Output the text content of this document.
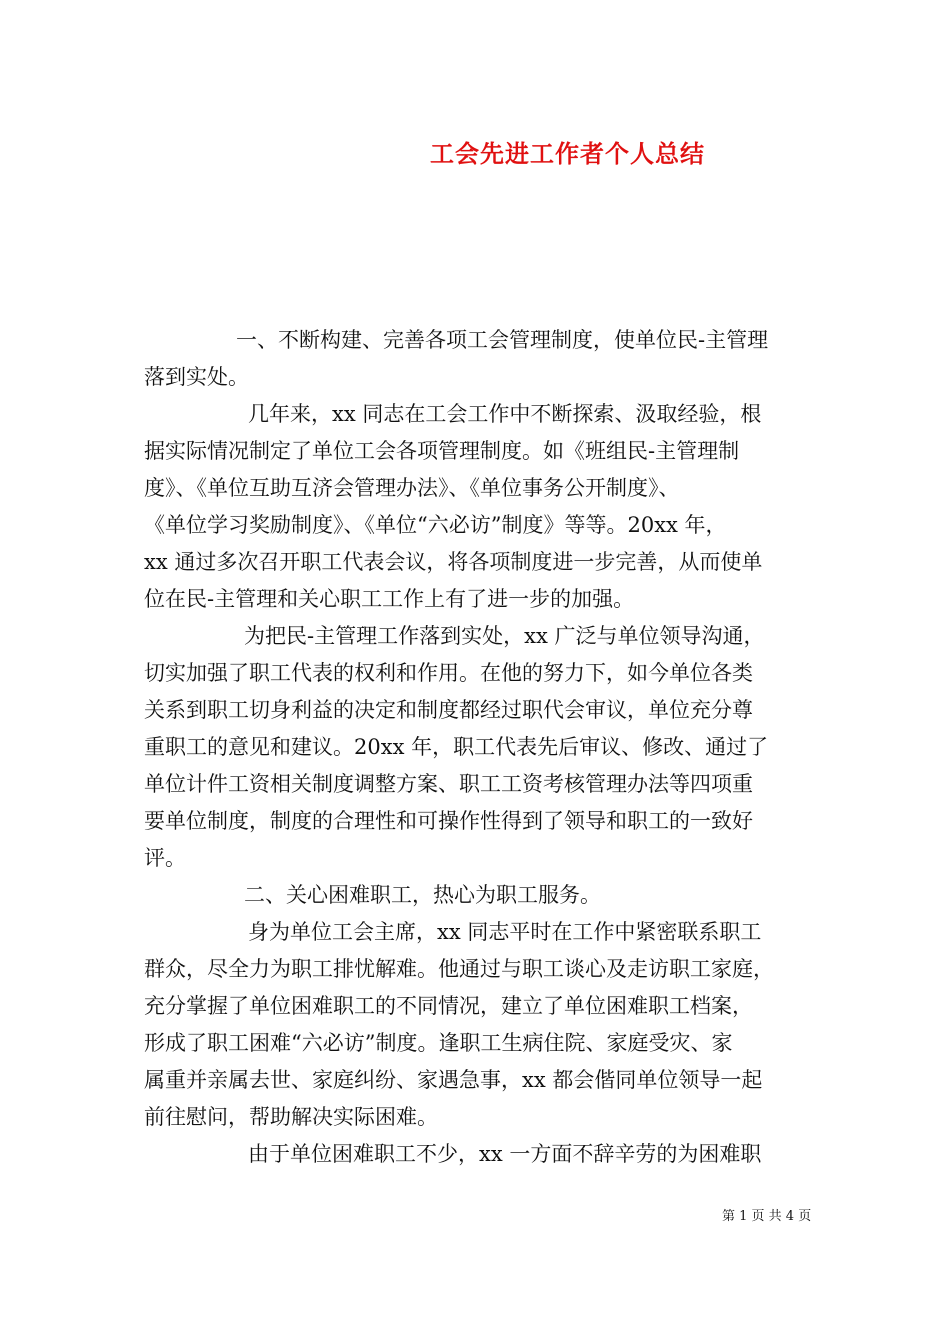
工会先进工作者个人总结
一、不断构建、完善各项工会管理制度，使单位民-主管理
落到实处。
几年来，xx 同志在工会工作中不断探索、汲取经验，根
据实际情况制定了单位工会各项管理制度。如《班组民-主管理制
度》、《单位互助互济会管理办法》、《单位事务公开制度》、
《单位学习奖励制度》、《单位“六必访”制度》等等。20xx 年，
xx 通过多次召开职工代表会议，将各项制度进一步完善，从而使单
位在民-主管理和关心职工工作上有了进一步的加强。
为把民-主管理工作落到实处，xx 广泛与单位领导沟通，
切实加强了职工代表的权利和作用。在他的努力下，如今单位各类
关系到职工切身利益的决定和制度都经过职代会审议，单位充分尊
重职工的意见和建议。20xx 年，职工代表先后审议、修改、通过了
单位计件工资相关制度调整方案、职工工资考核管理办法等四项重
要单位制度，制度的合理性和可操作性得到了领导和职工的一致好
评。
二、关心困难职工，热心为职工服务。
身为单位工会主席，xx 同志平时在工作中紧密联系职工
群众，尽全力为职工排忧解难。他通过与职工谈心及走访职工家庭，
充分掌握了单位困难职工的不同情况，建立了单位困难职工档案，
形成了职工困难“六必访”制度。逢职工生病住院、家庭受灾、家
属重并亲属去世、家庭纠纷、家遇急事，xx 都会偕同单位领导一起
前往慰问，帮助解决实际困难。
由于单位困难职工不少，xx 一方面不辞辛劳的为困难职
第 1 页 共 4 页
